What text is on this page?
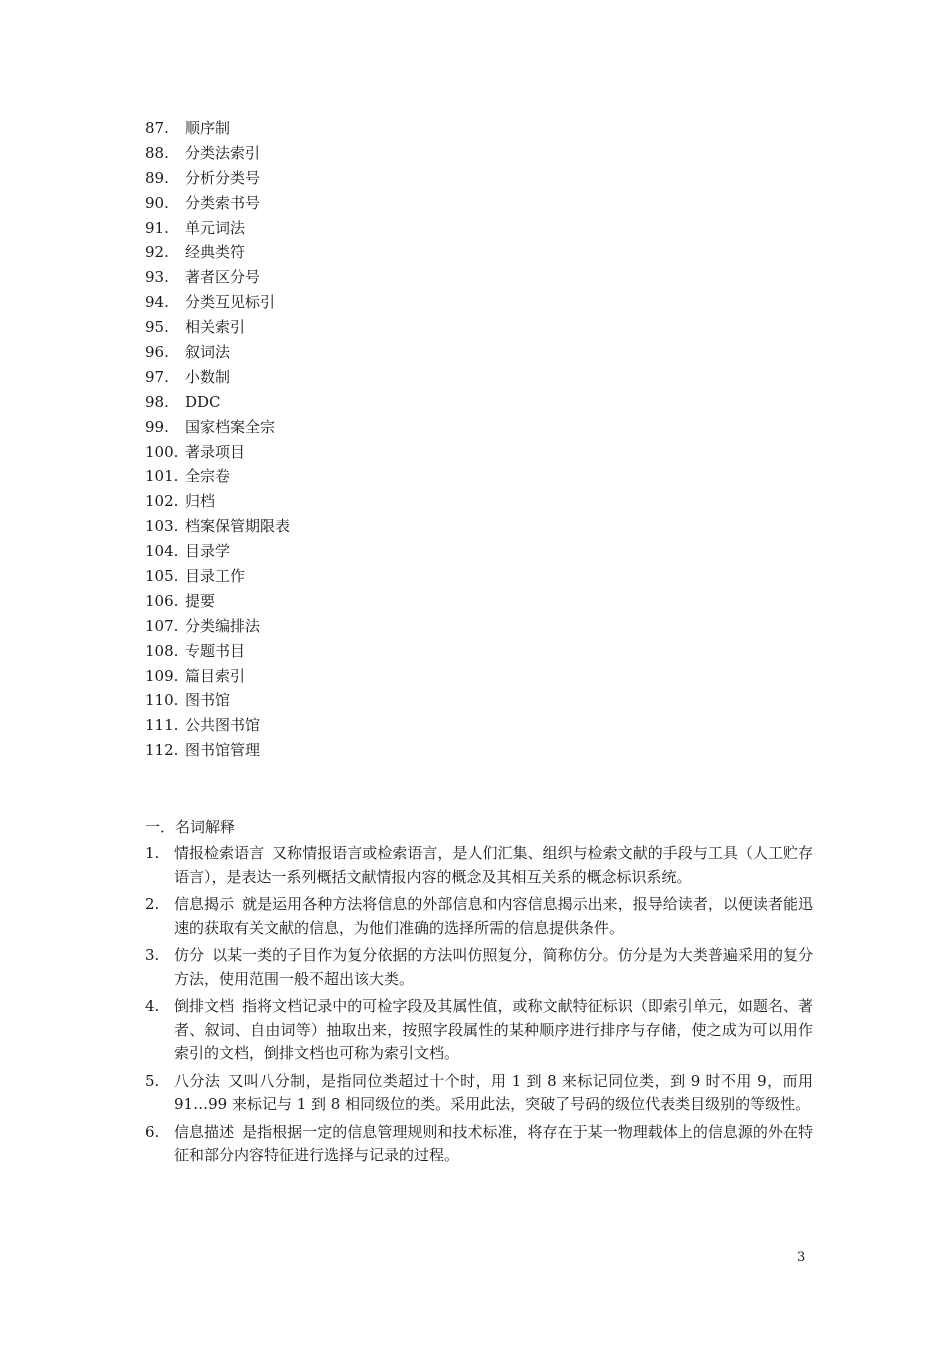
87. 顺序制
88. 分类法索引
89. 分析分类号
90. 分类索书号
91. 单元词法
92. 经典类符
93. 著者区分号
94. 分类互见标引
95. 相关索引
96. 叙词法
97. 小数制
98. DDC
99. 国家档案全宗
100. 著录项目
101. 全宗卷
102. 归档
103. 档案保管期限表
104. 目录学
105. 目录工作
106. 提要
107. 分类编排法
108. 专题书目
109. 篇目索引
110. 图书馆
111. 公共图书馆
112. 图书馆管理
一．名词解释
1. 情报检索语言 又称情报语言或检索语言，是人们汇集、组织与检索文献的手段与工具（人工贮存语言），是表达一系列概括文献情报内容的概念及其相互关系的概念标识系统。
2. 信息揭示 就是运用各种方法将信息的外部信息和内容信息揭示出来，报导给读者，以便读者能迅速的获取有关文献的信息，为他们准确的选择所需的信息提供条件。
3. 仿分 以某一类的子目作为复分依据的方法叫仿照复分，简称仿分。仿分是为大类普遍采用的复分方法，使用范围一般不超出该大类。
4. 倒排文档 指将文档记录中的可检字段及其属性值，或称文献特征标识（即索引单元，如题名、著者、叙词、自由词等）抽取出来，按照字段属性的某种顺序进行排序与存储，使之成为可以用作索引的文档，倒排文档也可称为索引文档。
5. 八分法 又叫八分制，是指同位类超过十个时，用 1 到 8 来标记同位类，到 9 时不用 9，而用 91…99 来标记与 1 到 8 相同级位的类。采用此法，突破了号码的级位代表类目级别的等级性。
6. 信息描述 是指根据一定的信息管理规则和技术标准，将存在于某一物理载体上的信息源的外在特征和部分内容特征进行选择与记录的过程。
3
